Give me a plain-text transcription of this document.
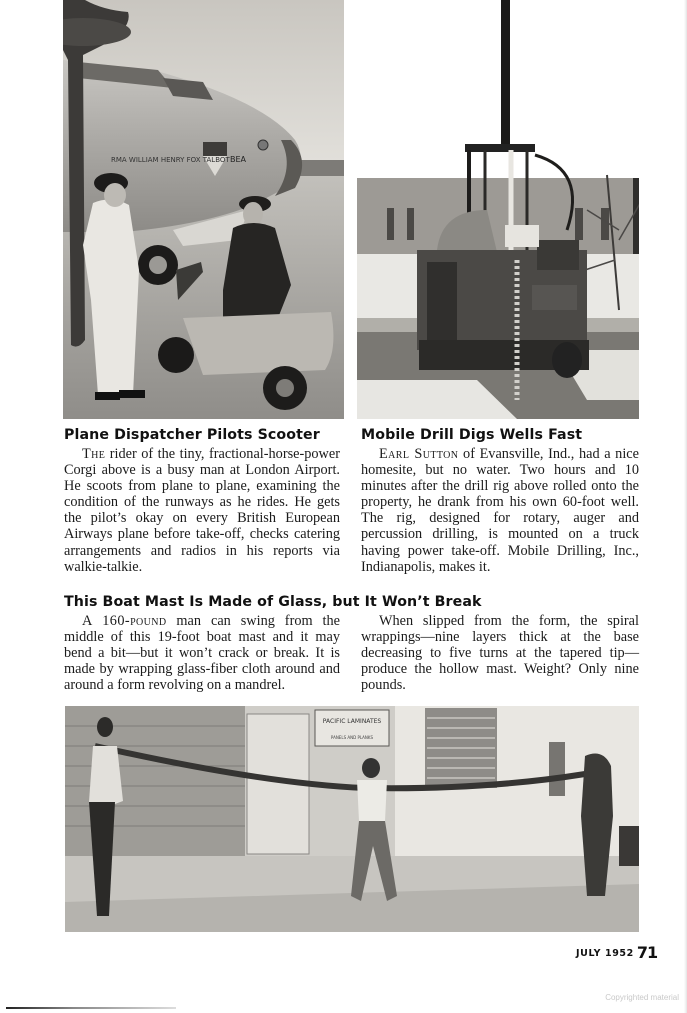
RMA WILLIAM HENRY FOX TALBOT BEA
Plane Dispatcher Pilots Scooter

The rider of the tiny, fractional-horse-power Corgi above is a busy man at London Airport. He scoots from plane to plane, examining the condition of the runways as he rides. He gets the pilot’s okay on every British European Airways plane before take-off, checks catering arrangements and radios in his reports via walkie-talkie.

Mobile Drill Digs Wells Fast

Earl Sutton of Evansville, Ind., had a nice homesite, but no water. Two hours and 10 minutes after the drill rig above rolled onto the property, he drank from his own 60-foot well. The rig, designed for rotary, auger and percussion drilling, is mounted on a truck having power take-off. Mobile Drilling, Inc., Indianapolis, makes it.

This Boat Mast Is Made of Glass, but It Won’t Break

A 160-pound man can swing from the middle of this 19-foot boat mast and it may bend a bit—but it won’t crack or break. It is made by wrapping glass-fiber cloth around and around a form revolving on a mandrel.

When slipped from the form, the spiral wrappings—nine layers thick at the base decreasing to five turns at the tapered tip—produce the hollow mast. Weight? Only nine pounds.

PACIFIC LAMINATES
PANELS AND PLANKS
JULY 1952 71
Copyrighted material
